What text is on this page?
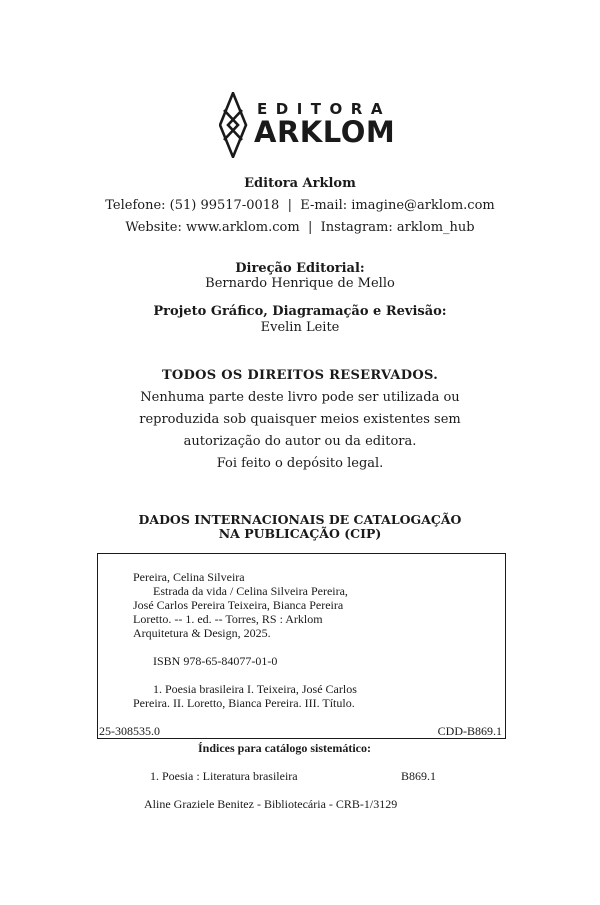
EDITORA
ARKLOM
Editora Arklom
Telefone: (51) 99517-0018  |  E-mail: imagine@arklom.com
Website: www.arklom.com  |  Instagram: arklom_hub
Direção Editorial:
Bernardo Henrique de Mello
Projeto Gráfico, Diagramação e Revisão:
Evelin Leite
TODOS OS DIREITOS RESERVADOS.
Nenhuma parte deste livro pode ser utilizada ou
reproduzida sob quaisquer meios existentes sem
autorização do autor ou da editora.
Foi feito o depósito legal.
DADOS INTERNACIONAIS DE CATALOGAÇÃO
NA PUBLICAÇÃO (CIP)
Pereira, Celina Silveira
Estrada da vida / Celina Silveira Pereira,
José Carlos Pereira Teixeira, Bianca Pereira
Loretto. -- 1. ed. -- Torres, RS : Arklom
Arquitetura & Design, 2025.
ISBN 978-65-84077-01-0
1. Poesia brasileira I. Teixeira, José Carlos
Pereira. II. Loretto, Bianca Pereira. III. Título.
25-308535.0	CDD-B869.1
Índices para catálogo sistemático:
1. Poesia : Literatura brasileira	B869.1
Aline Graziele Benitez - Bibliotecária - CRB-1/3129
